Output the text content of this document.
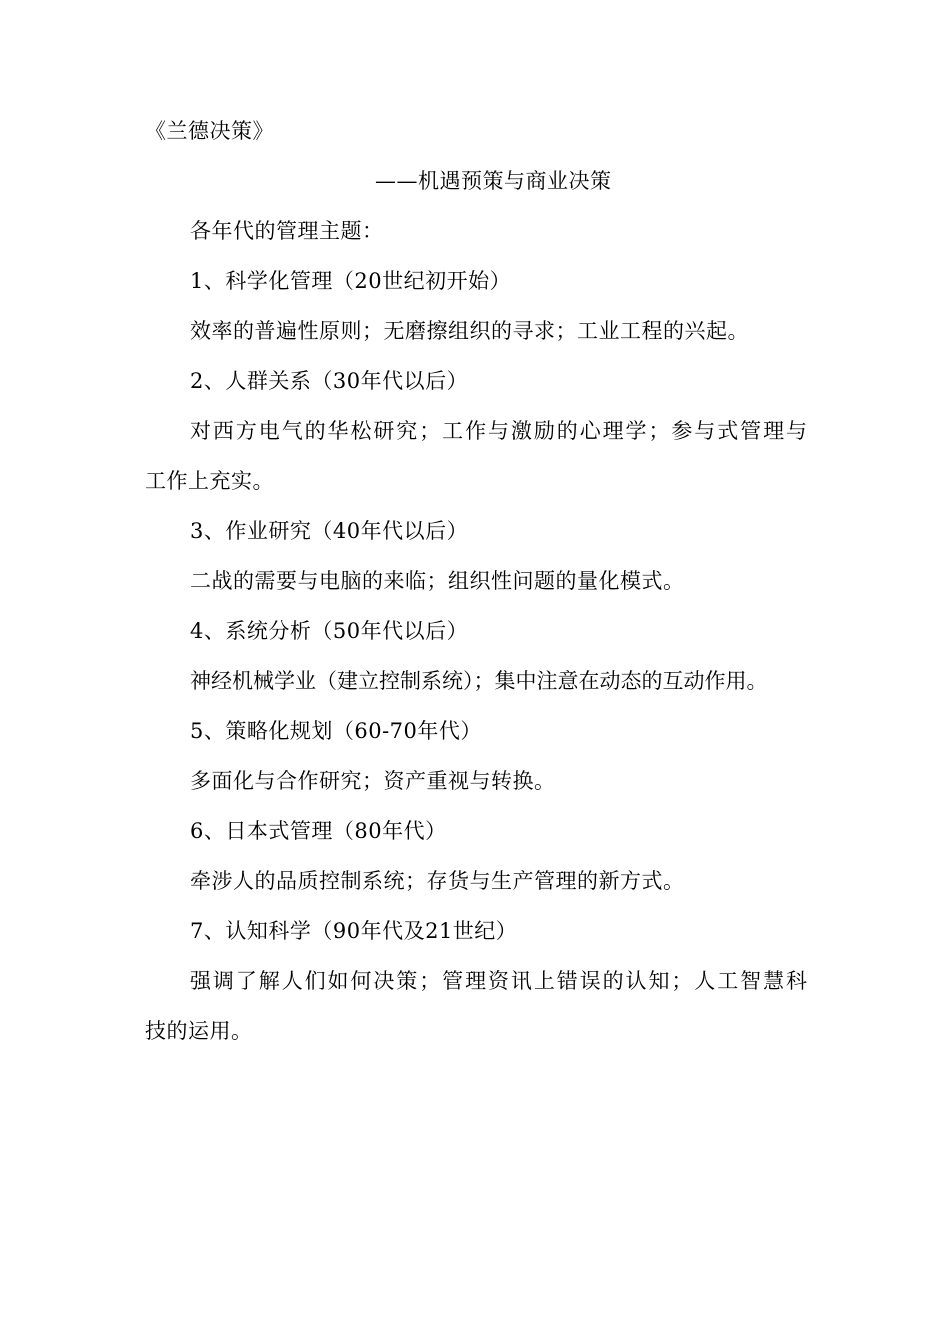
《兰德决策》
——机遇预策与商业决策
各年代的管理主题：
1、科学化管理（20世纪初开始）
效率的普遍性原则；无磨擦组织的寻求；工业工程的兴起。
2、人群关系（30年代以后）
对西方电气的华松研究；工作与激励的心理学；参与式管理与
工作上充实。
3、作业研究（40年代以后）
二战的需要与电脑的来临；组织性问题的量化模式。
4、系统分析（50年代以后）
神经机械学业（建立控制系统）；集中注意在动态的互动作用。
5、策略化规划（60-70年代）
多面化与合作研究；资产重视与转换。
6、日本式管理（80年代）
牵涉人的品质控制系统；存货与生产管理的新方式。
7、认知科学（90年代及21世纪）
强调了解人们如何决策；管理资讯上错误的认知；人工智慧科
技的运用。
